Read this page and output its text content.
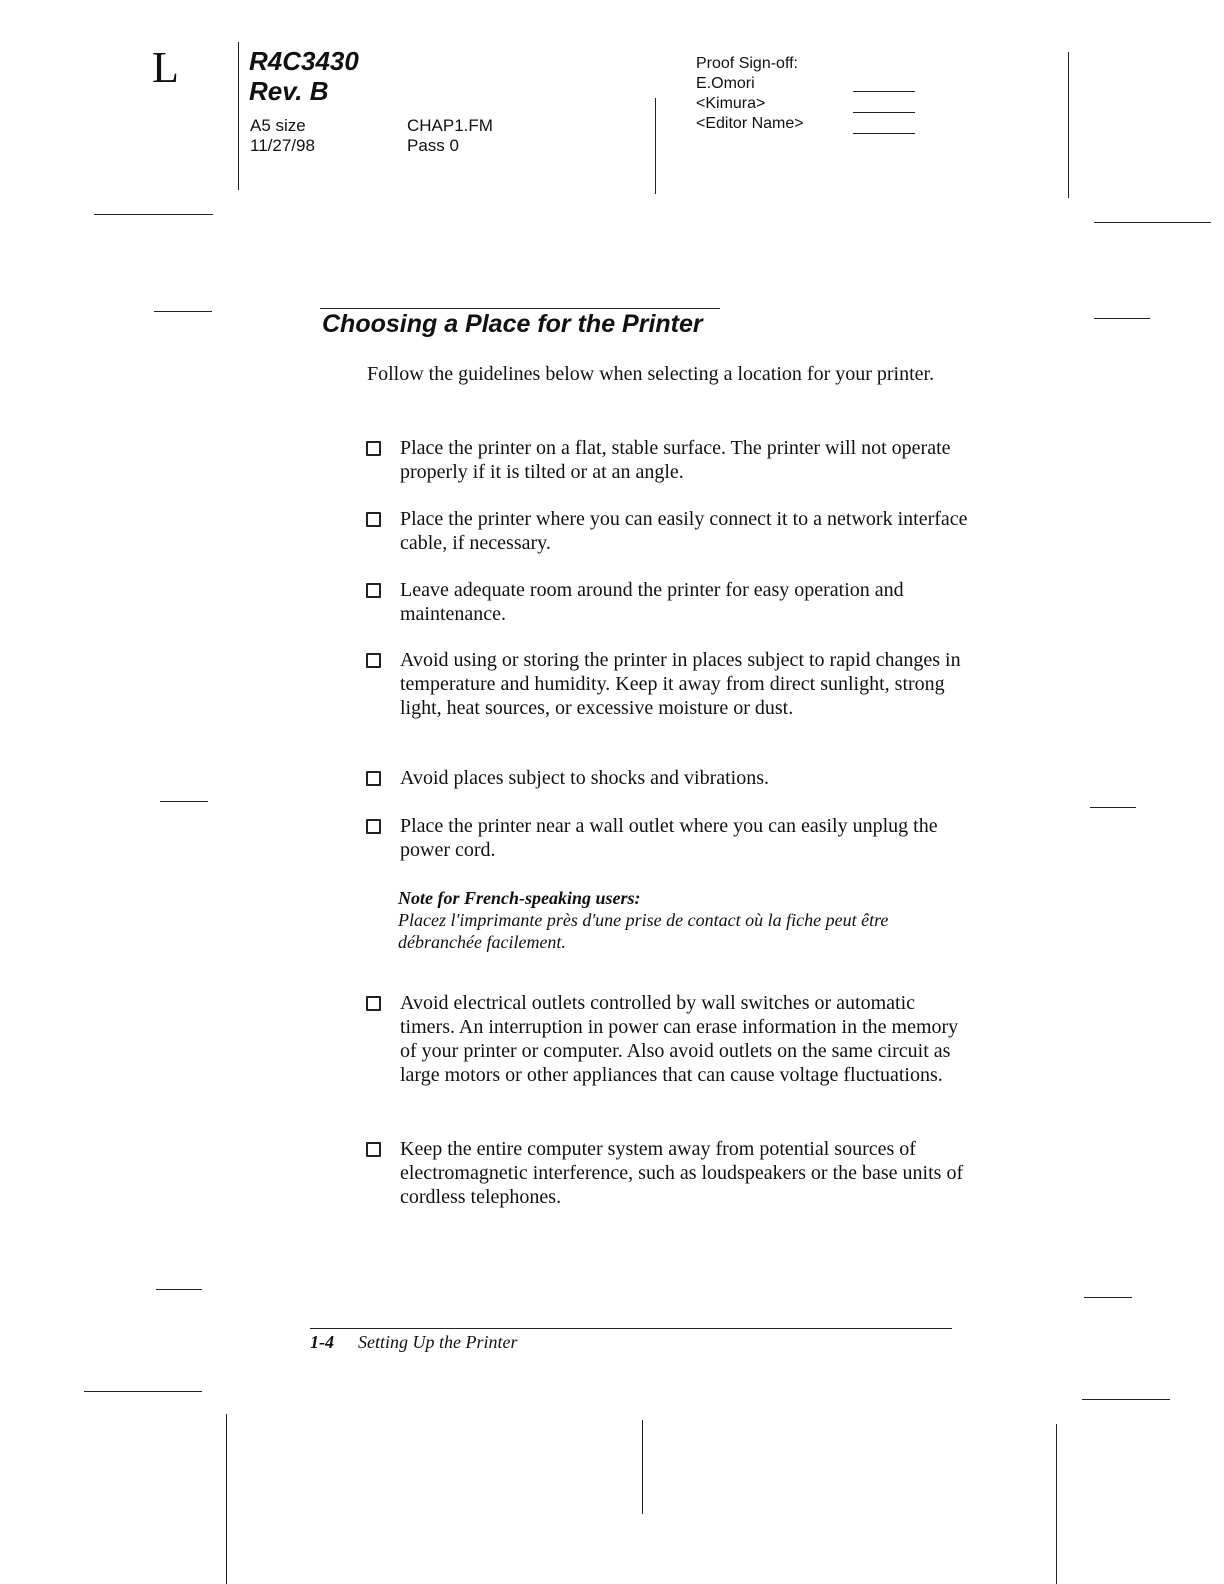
L	R4C3430
Rev. B
A5 size
11/27/98
CHAP1.FM
Pass 0
Proof Sign-off:
E.Omori
<Kimura>
<Editor Name>
Choosing a Place for the Printer
Follow the guidelines below when selecting a location for your printer.
Place the printer on a flat, stable surface. The printer will not operate properly if it is tilted or at an angle.
Place the printer where you can easily connect it to a network interface cable, if necessary.
Leave adequate room around the printer for easy operation and maintenance.
Avoid using or storing the printer in places subject to rapid changes in temperature and humidity. Keep it away from direct sunlight, strong light, heat sources, or excessive moisture or dust.
Avoid places subject to shocks and vibrations.
Place the printer near a wall outlet where you can easily unplug the power cord.
Note for French-speaking users:
Placez l'imprimante près d'une prise de contact où la fiche peut être débranchée facilement.
Avoid electrical outlets controlled by wall switches or automatic timers. An interruption in power can erase information in the memory of your printer or computer. Also avoid outlets on the same circuit as large motors or other appliances that can cause voltage fluctuations.
Keep the entire computer system away from potential sources of electromagnetic interference, such as loudspeakers or the base units of cordless telephones.
1-4 Setting Up the Printer
